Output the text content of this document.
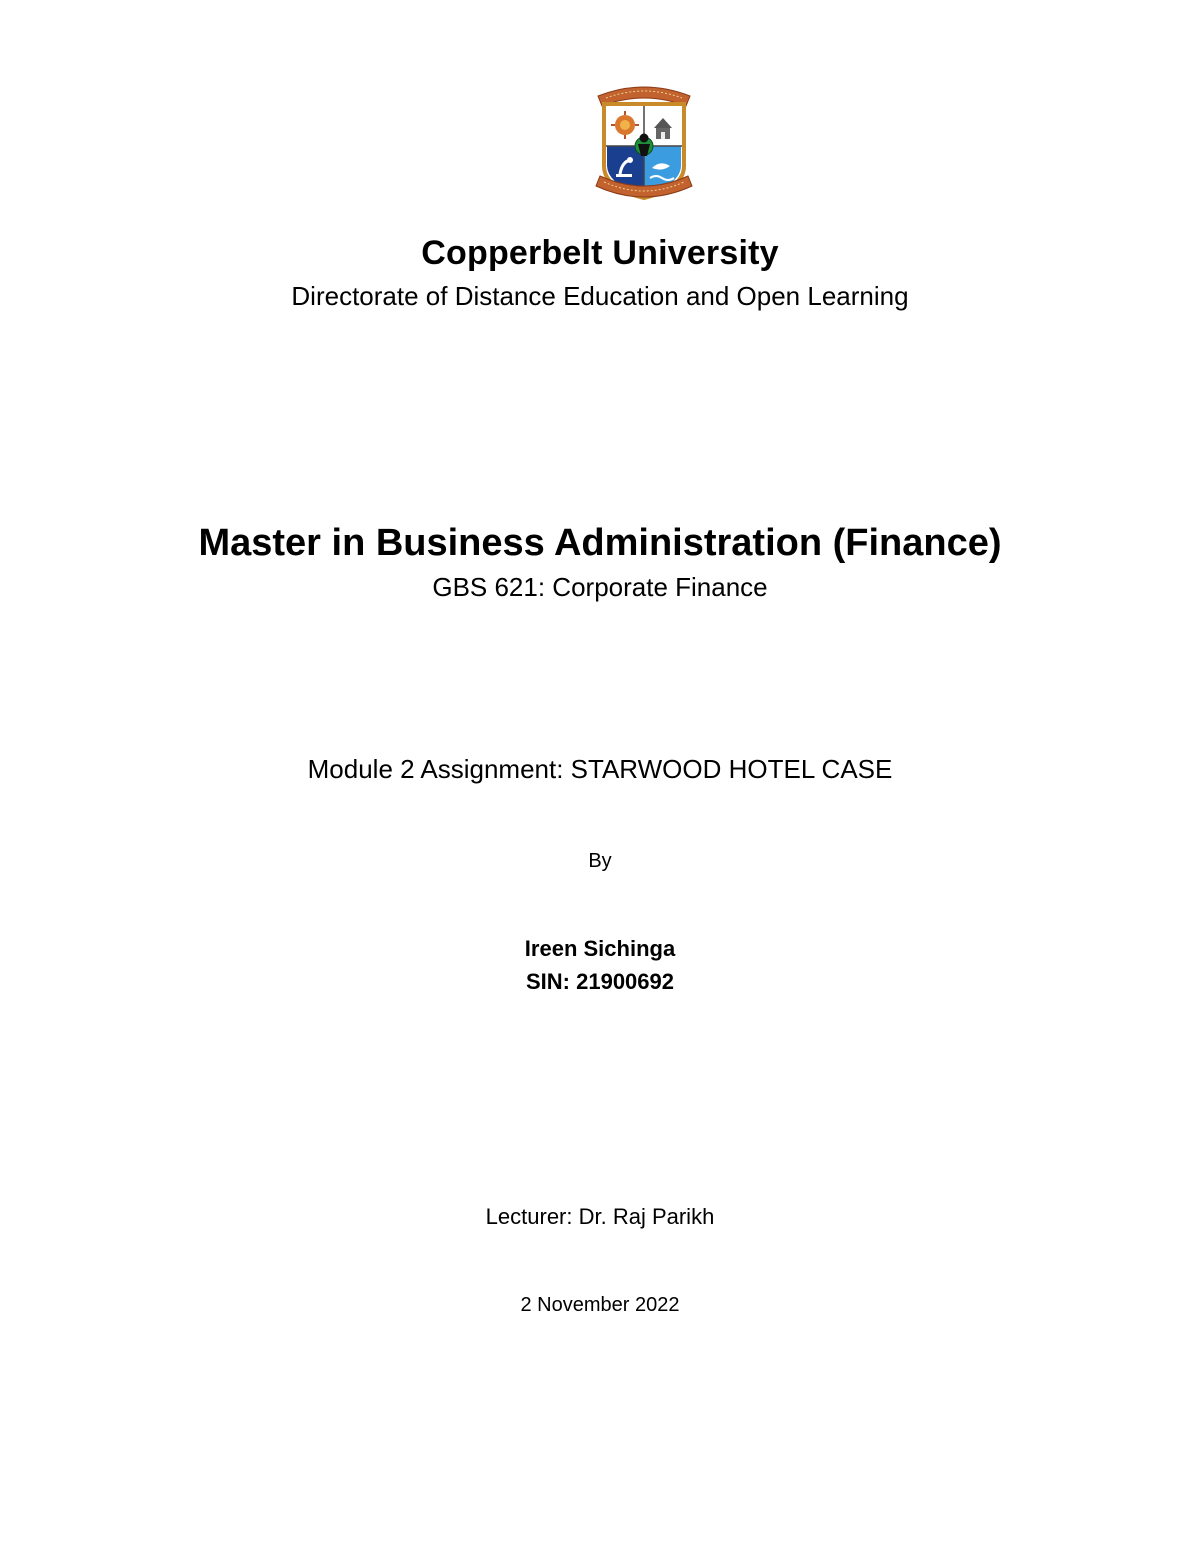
Copperbelt University
Directorate of Distance Education and Open Learning
Master in Business Administration (Finance)
GBS 621: Corporate Finance
Module 2 Assignment: STARWOOD HOTEL CASE
By
Ireen Sichinga
SIN: 21900692
Lecturer: Dr. Raj Parikh
2 November 2022
